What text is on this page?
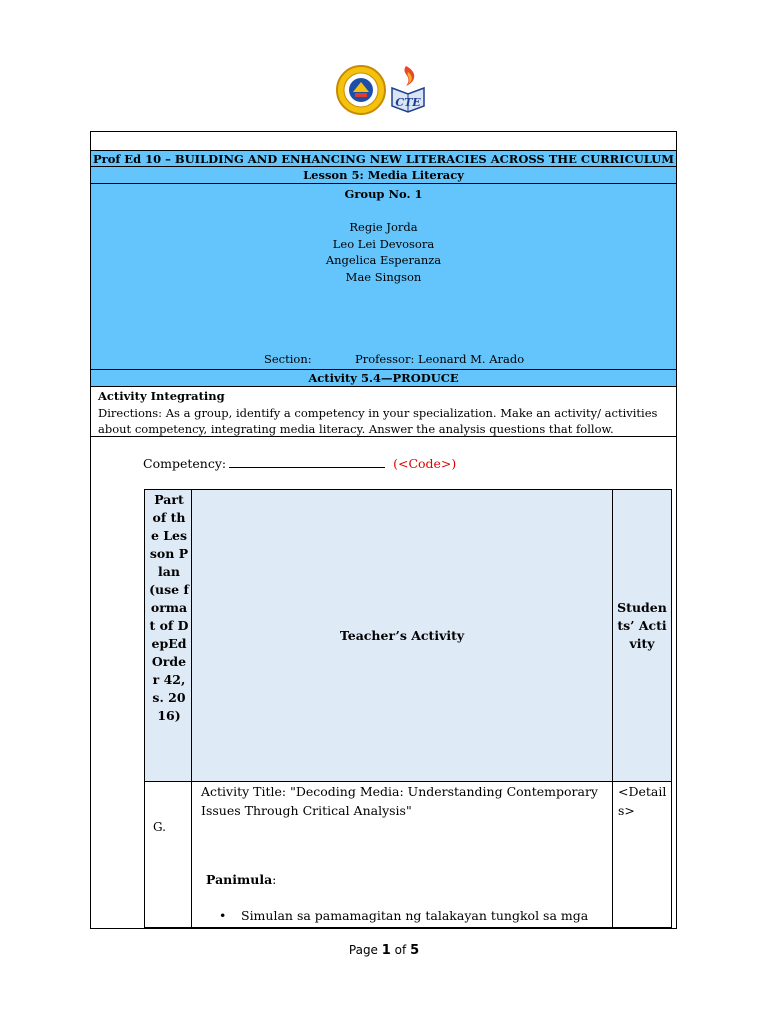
CTE
Prof Ed 10 – BUILDING AND ENHANCING NEW LITERACIES ACROSS THE CURRICULUM
Lesson 5: Media Literacy
Group No. 1
Regie Jorda
Leo Lei Devosora
Angelica Esperanza
Mae Singson
Section:	Professor: Leonard M. Arado
Activity 5.4—PRODUCE
Activity Integrating
Directions: As a group, identify a competency in your specialization. Make an activity/ activities about competency, integrating media literacy. Answer the analysis questions that follow.
Competency:	(<Code>)
Part of the Lesson Plan (use format of DepEd Order 42, s. 2016)
Teacher’s Activity
Students’ Activity
G.
Activity Title: "Decoding Media: Understanding Contemporary Issues Through Critical Analysis"
Panimula:
• Simulan sa pamamagitan ng talakayan tungkol sa mga
<Details>
Page 1 of 5
